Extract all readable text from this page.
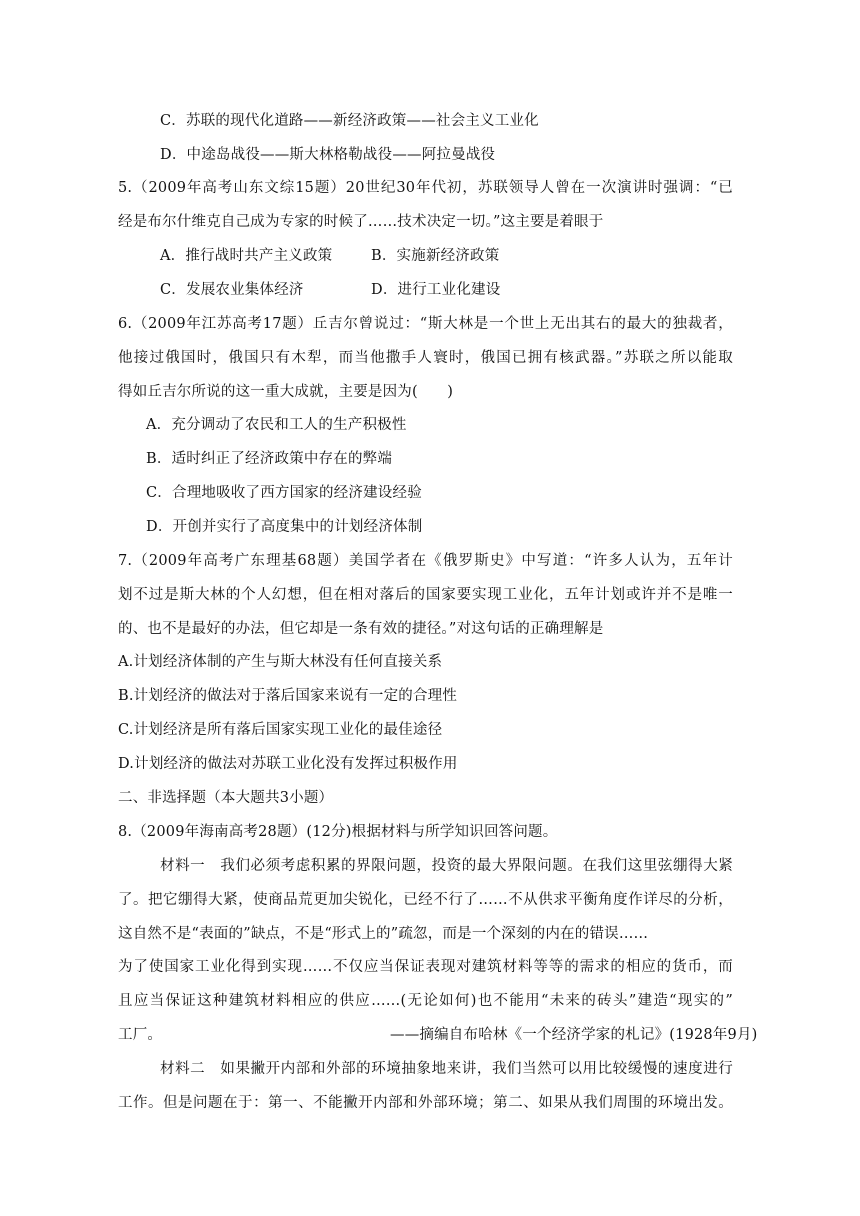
C．苏联的现代化道路——新经济政策——社会主义工业化
D．中途岛战役——斯大林格勒战役——阿拉曼战役
5.（2009年高考山东文综15题）20世纪30年代初，苏联领导人曾在一次演讲时强调：“已
经是布尔什维克自己成为专家的时候了……技术决定一切。”这主要是着眼于
A．推行战时共产主义政策	B．实施新经济政策
C．发展农业集体经济	D．进行工业化建设
6.（2009年江苏高考17题）丘吉尔曾说过：“斯大林是一个世上无出其右的最大的独裁者，
他接过俄国时，俄国只有木犁，而当他撒手人寰时，俄国已拥有核武器。”苏联之所以能取
得如丘吉尔所说的这一重大成就，主要是因为(　　)
A．充分调动了农民和工人的生产积极性
B．适时纠正了经济政策中存在的弊端
C．合理地吸收了西方国家的经济建设经验
D．开创并实行了高度集中的计划经济体制
7.（2009年高考广东理基68题）美国学者在《俄罗斯史》中写道：“许多人认为，五年计
划不过是斯大林的个人幻想，但在相对落后的国家要实现工业化，五年计划或许并不是唯一
的、也不是最好的办法，但它却是一条有效的捷径。”对这句话的正确理解是
A.计划经济体制的产生与斯大林没有任何直接关系
B.计划经济的做法对于落后国家来说有一定的合理性
C.计划经济是所有落后国家实现工业化的最佳途径
D.计划经济的做法对苏联工业化没有发挥过积极作用
二、非选择题（本大题共3小题）
8.（2009年海南高考28题）(12分)根据材料与所学知识回答问题。
材料一　我们必须考虑积累的界限问题，投资的最大界限问题。在我们这里弦绷得大紧
了。把它绷得大紧，使商品荒更加尖锐化，已经不行了……不从供求平衡角度作详尽的分析，
这自然不是“表面的”缺点，不是“形式上的”疏忽，而是一个深刻的内在的错误……
为了使国家工业化得到实现……不仅应当保证表现对建筑材料等等的需求的相应的货币，而
且应当保证这种建筑材料相应的供应……(无论如何)也不能用“未来的砖头”建造“现实的”
工厂。	——摘编自布哈林《一个经济学家的札记》(1928年9月)
材料二　如果撇开内部和外部的环境抽象地来讲，我们当然可以用比较缓慢的速度进行
工作。但是问题在于：第一、不能撇开内部和外部环境；第二、如果从我们周围的环境出发。
